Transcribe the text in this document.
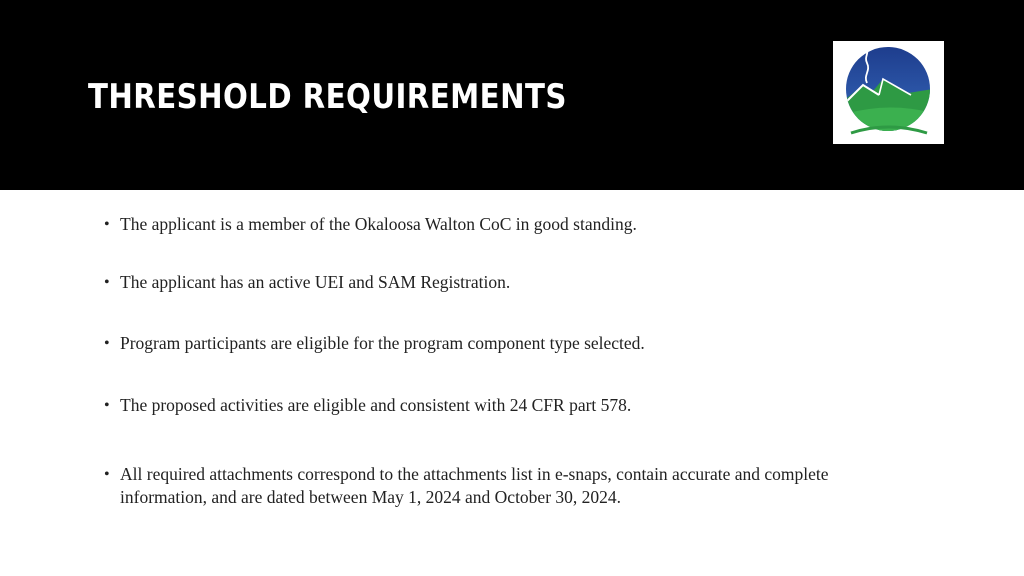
THRESHOLD REQUIREMENTS
• The applicant is a member of the Okaloosa Walton CoC in good standing.
• The applicant has an active UEI and SAM Registration.
• Program participants are eligible for the program component type selected.
• The proposed activities are eligible and consistent with 24 CFR part 578.
• All required attachments correspond to the attachments list in e-snaps, contain accurate and complete information, and are dated between May 1, 2024 and October 30, 2024.
